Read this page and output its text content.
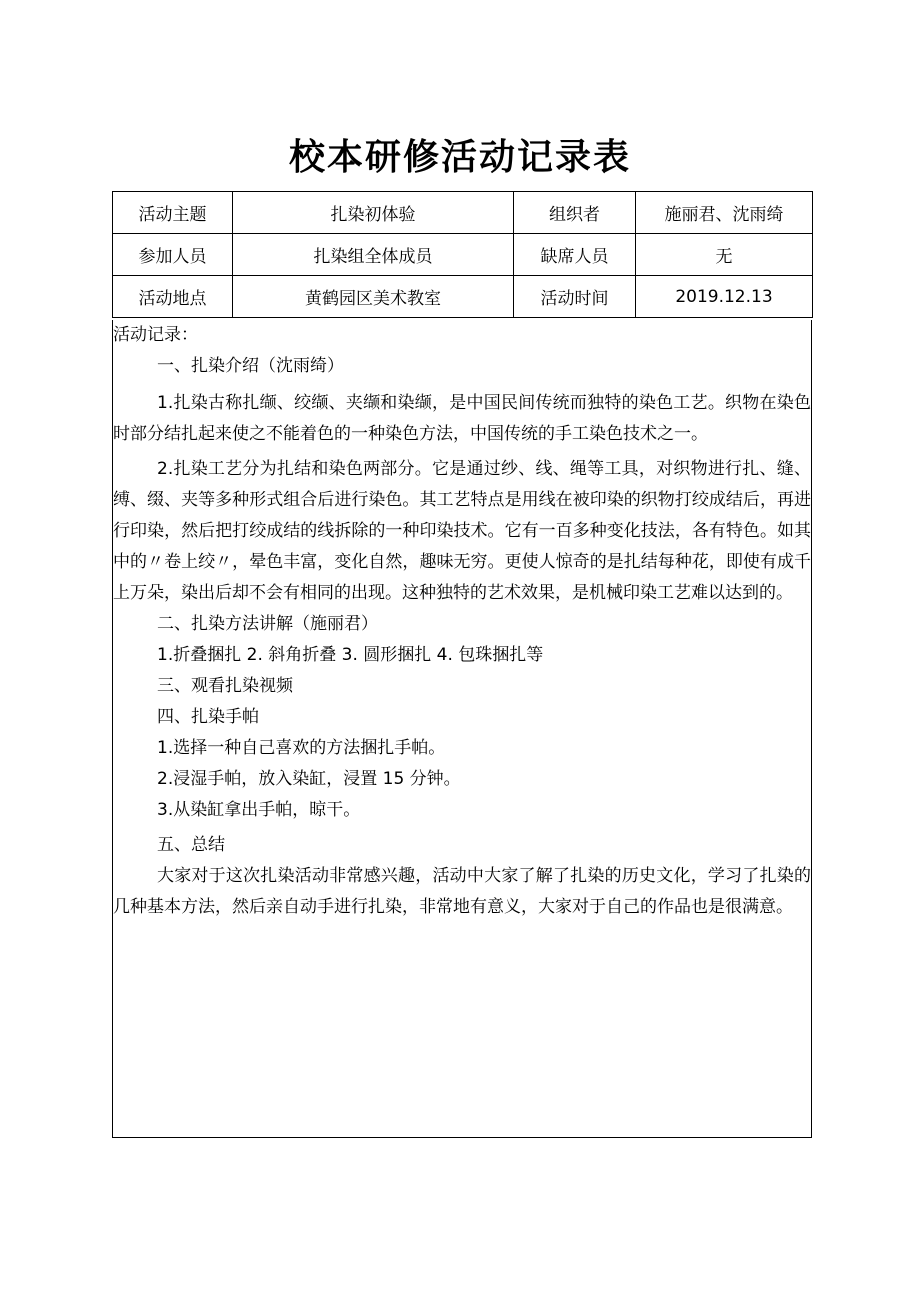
校本研修活动记录表
活动主题	扎染初体验	组织者	施丽君、沈雨绮
参加人员	扎染组全体成员	缺席人员	无
活动地点	黄鹤园区美术教室	活动时间	2019.12.13

活动记录：

一、扎染介绍（沈雨绮）

1.扎染古称扎缬、绞缬、夹缬和染缬，是中国民间传统而独特的染色工艺。织物在染色时部分结扎起来使之不能着色的一种染色方法，中国传统的手工染色技术之一。

2.扎染工艺分为扎结和染色两部分。它是通过纱、线、绳等工具，对织物进行扎、缝、缚、缀、夹等多种形式组合后进行染色。其工艺特点是用线在被印染的织物打绞成结后，再进行印染，然后把打绞成结的线拆除的一种印染技术。它有一百多种变化技法，各有特色。如其中的〃卷上绞〃，晕色丰富，变化自然，趣味无穷。更使人惊奇的是扎结每种花，即使有成千上万朵，染出后却不会有相同的出现。这种独特的艺术效果，是机械印染工艺难以达到的。

二、扎染方法讲解（施丽君）

1.折叠捆扎 2. 斜角折叠 3. 圆形捆扎 4. 包珠捆扎等

三、观看扎染视频

四、扎染手帕

1.选择一种自己喜欢的方法捆扎手帕。

2.浸湿手帕，放入染缸，浸置 15 分钟。

3.从染缸拿出手帕，晾干。

五、总结

大家对于这次扎染活动非常感兴趣，活动中大家了解了扎染的历史文化，学习了扎染的几种基本方法，然后亲自动手进行扎染，非常地有意义，大家对于自己的作品也是很满意。
